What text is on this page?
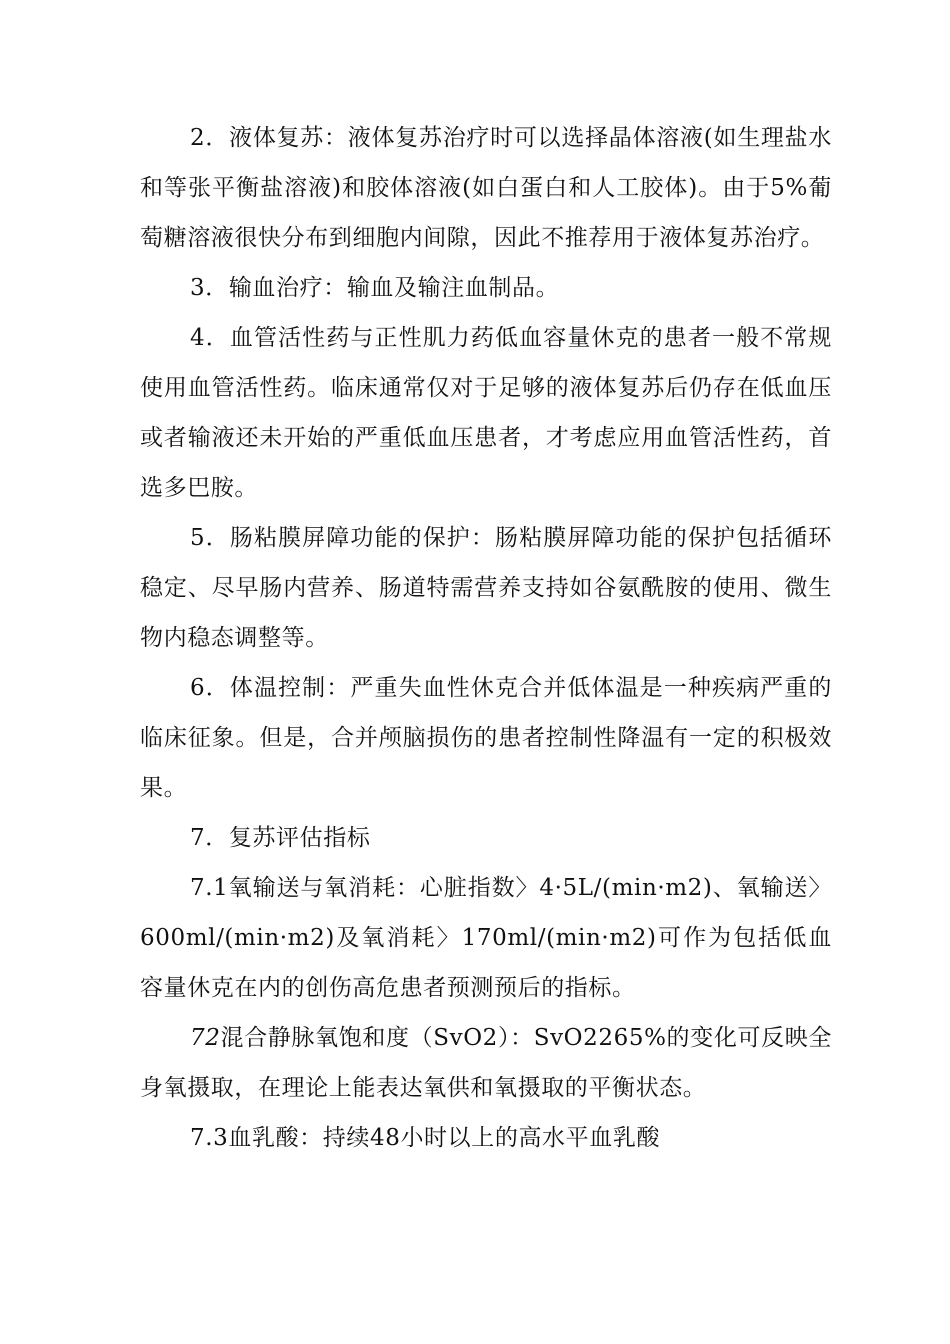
2．液体复苏：液体复苏治疗时可以选择晶体溶液(如生理盐水和等张平衡盐溶液)和胶体溶液(如白蛋白和人工胶体)。由于5%葡萄糖溶液很快分布到细胞内间隙，因此不推荐用于液体复苏治疗。

3．输血治疗：输血及输注血制品。

4．血管活性药与正性肌力药低血容量休克的患者一般不常规使用血管活性药。临床通常仅对于足够的液体复苏后仍存在低血压或者输液还未开始的严重低血压患者，才考虑应用血管活性药，首选多巴胺。

5．肠粘膜屏障功能的保护：肠粘膜屏障功能的保护包括循环稳定、尽早肠内营养、肠道特需营养支持如谷氨酰胺的使用、微生物内稳态调整等。

6．体温控制：严重失血性休克合并低体温是一种疾病严重的临床征象。但是，合并颅脑损伤的患者控制性降温有一定的积极效果。

7．复苏评估指标

7.1氧输送与氧消耗：心脏指数〉4·5L/(min·m2)、氧输送〉600ml/(min·m2)及氧消耗〉170ml/(min·m2)可作为包括低血容量休克在内的创伤高危患者预测预后的指标。

72混合静脉氧饱和度（SvO2）：SvO2265%的变化可反映全身氧摄取，在理论上能表达氧供和氧摄取的平衡状态。

7.3血乳酸：持续48小时以上的高水平血乳酸
